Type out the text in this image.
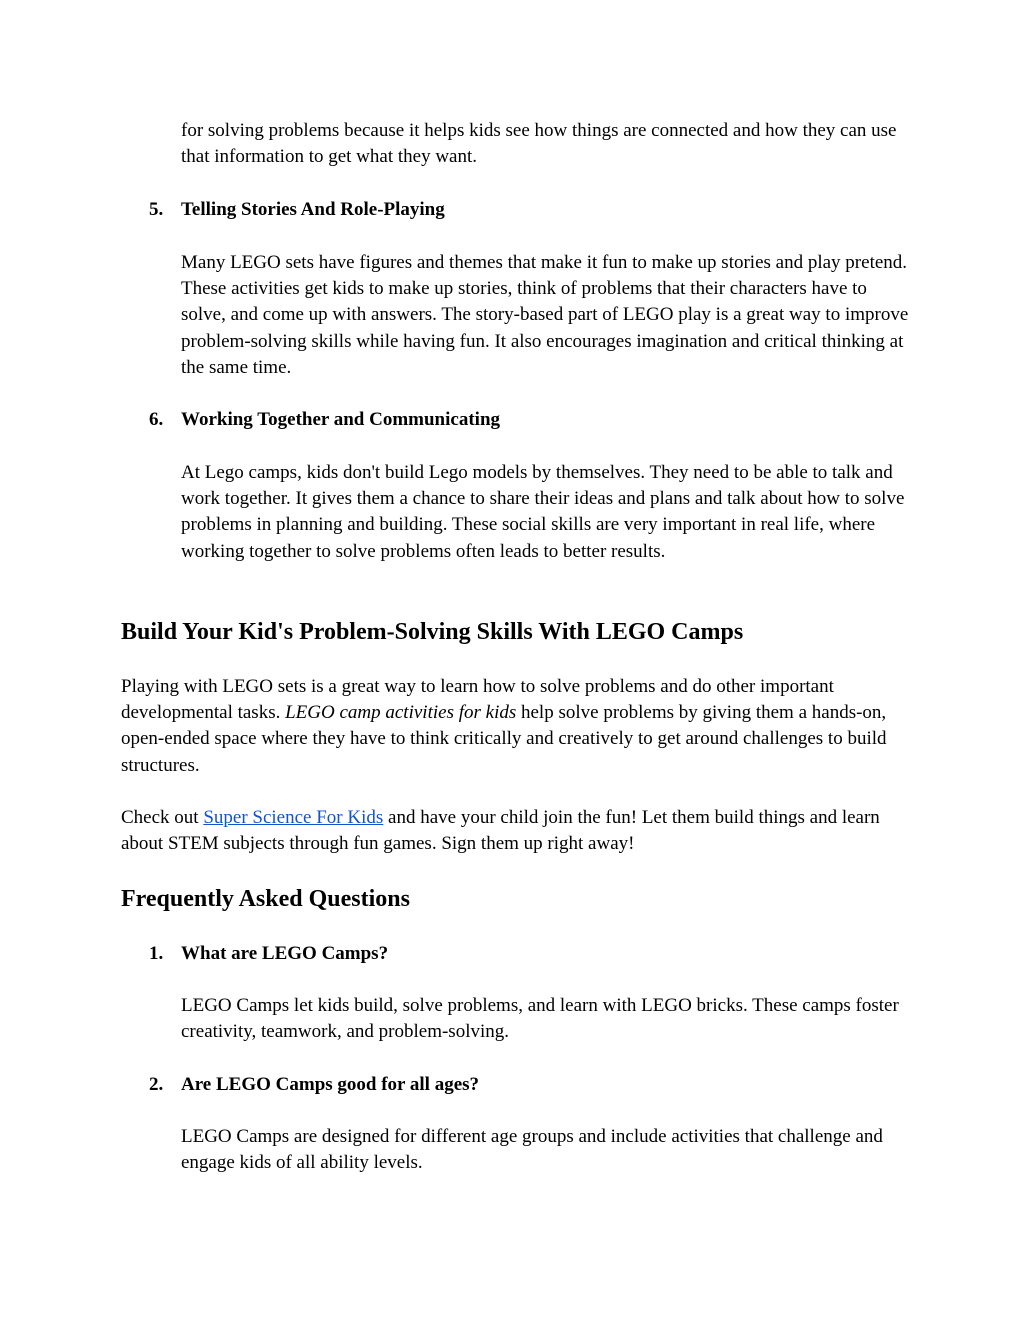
for solving problems because it helps kids see how things are connected and how they can use that information to get what they want.

5. Telling Stories And Role-Playing

Many LEGO sets have figures and themes that make it fun to make up stories and play pretend. These activities get kids to make up stories, think of problems that their characters have to solve, and come up with answers. The story-based part of LEGO play is a great way to improve problem-solving skills while having fun. It also encourages imagination and critical thinking at the same time.

6. Working Together and Communicating

At Lego camps, kids don't build Lego models by themselves. They need to be able to talk and work together. It gives them a chance to share their ideas and plans and talk about how to solve problems in planning and building. These social skills are very important in real life, where working together to solve problems often leads to better results.

Build Your Kid's Problem-Solving Skills With LEGO Camps

Playing with LEGO sets is a great way to learn how to solve problems and do other important developmental tasks. LEGO camp activities for kids help solve problems by giving them a hands-on, open-ended space where they have to think critically and creatively to get around challenges to build structures.

Check out Super Science For Kids and have your child join the fun! Let them build things and learn about STEM subjects through fun games. Sign them up right away!

Frequently Asked Questions
1. What are LEGO Camps?

LEGO Camps let kids build, solve problems, and learn with LEGO bricks. These camps foster creativity, teamwork, and problem-solving.

2. Are LEGO Camps good for all ages?

LEGO Camps are designed for different age groups and include activities that challenge and engage kids of all ability levels.
